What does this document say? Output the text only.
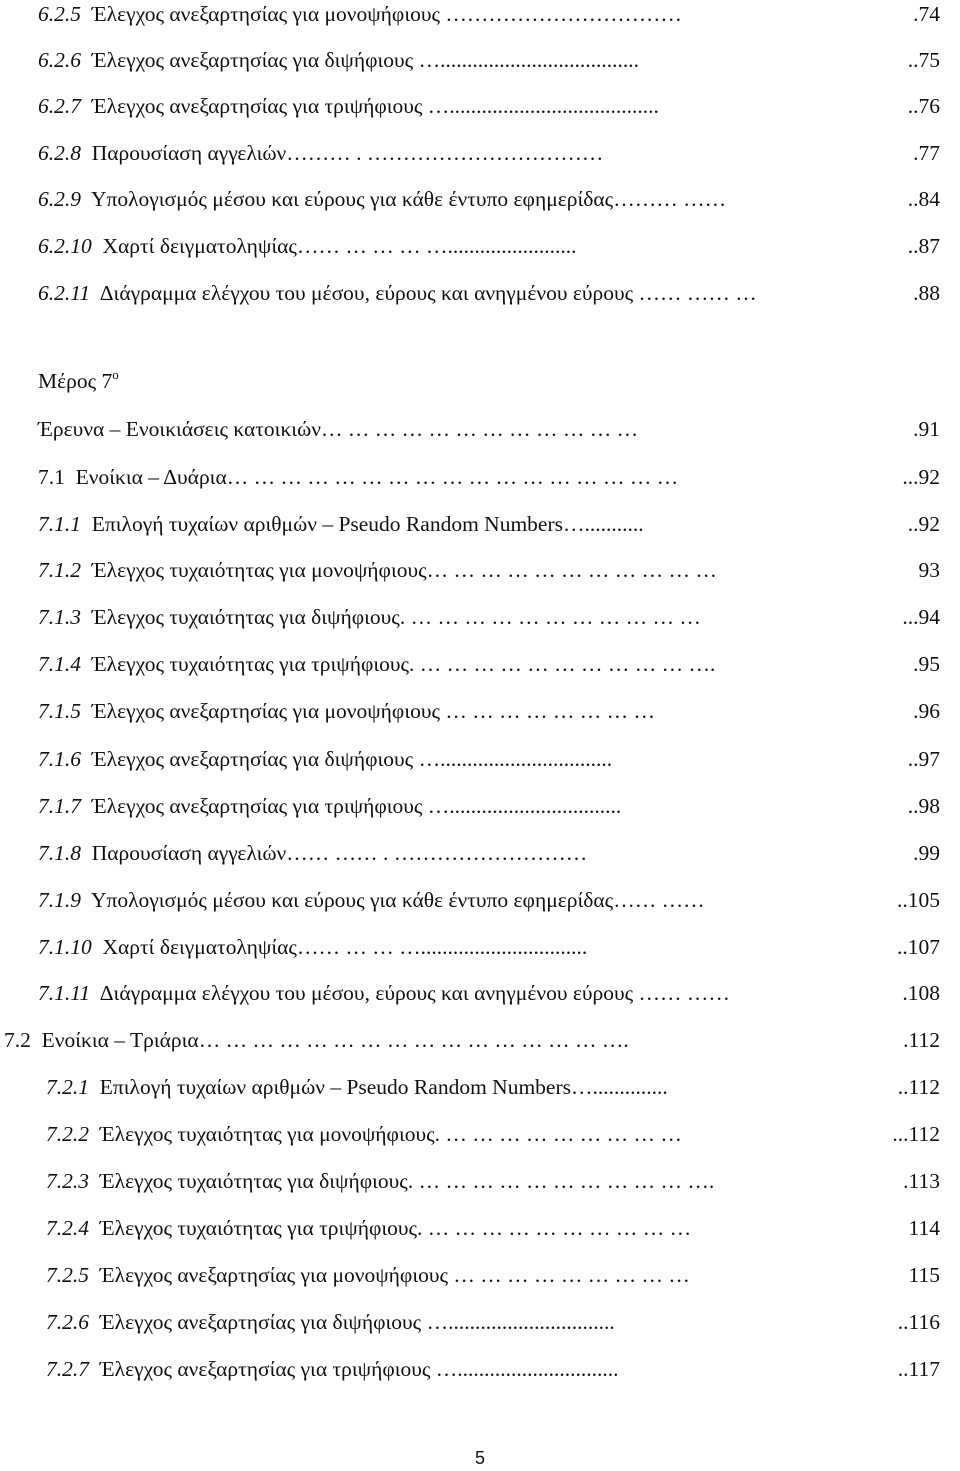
6.2.5 Έλεγχος ανεξαρτησίας για μονοψήφιους ……………………………	.74
6.2.6 Έλεγχος ανεξαρτησίας για διψήφιους ….....................................	..75
6.2.7 Έλεγχος ανεξαρτησίας για τριψήφιους ….......................................	..76
6.2.8 Παρουσίαση αγγελιών……… . ……………………………	.77
6.2.9 Υπολογισμός μέσου και εύρους για κάθε έντυπο εφημερίδας……… ……	..84
6.2.10 Χαρτί δειγματοληψίας…… … … … …........................	..87
6.2.11 Διάγραμμα ελέγχου του μέσου, εύρους και ανηγμένου εύρους …… …… …	.88
Μέρος $7^o$
Έρευνα – Ενοικιάσεις κατοικιών… … … … … … … … … … … …	.91
7.1 Ενοίκια – Δυάρια… … … … … … … … … … … … … … … … …	...92
7.1.1 Επιλογή τυχαίων αριθμών – Pseudo Random Numbers…...........	..92
7.1.2 Έλεγχος τυχαιότητας για μονοψήφιους… … … … … … … … … … …	93
7.1.3 Έλεγχος τυχαιότητας για διψήφιους. … … … … … … … … … … …	...94
7.1.4 Έλεγχος τυχαιότητας για τριψήφιους. … … … … … … … … … … ….	.95
7.1.5 Έλεγχος ανεξαρτησίας για μονοψήφιους … … … … … … … …	.96
7.1.6 Έλεγχος ανεξαρτησίας για διψήφιους …................................	..97
7.1.7 Έλεγχος ανεξαρτησίας για τριψήφιους …................................	..98
7.1.8 Παρουσίαση αγγελιών…… …… . ………………………	.99
7.1.9 Υπολογισμός μέσου και εύρους για κάθε έντυπο εφημερίδας…… ……	..105
7.1.10 Χαρτί δειγματοληψίας…… … … …...............................	..107
7.1.11 Διάγραμμα ελέγχου του μέσου, εύρους και ανηγμένου εύρους …… ……	.108
7.2 Ενοίκια – Τριάρια… … … … … … … … … … … … … … … ….	.112
7.2.1 Επιλογή τυχαίων αριθμών – Pseudo Random Numbers…..............	..112
7.2.2 Έλεγχος τυχαιότητας για μονοψήφιους. … … … … … … … … …	...112
7.2.3 Έλεγχος τυχαιότητας για διψήφιους. … … … … … … … … … … ….	.113
7.2.4 Έλεγχος τυχαιότητας για τριψήφιους. … … … … … … … … … …	114
7.2.5 Έλεγχος ανεξαρτησίας για μονοψήφιους … … … … … … … … …	115
7.2.6 Έλεγχος ανεξαρτησίας για διψήφιους …...............................	..116
7.2.7 Έλεγχος ανεξαρτησίας για τριψήφιους …..............................	..117
5
